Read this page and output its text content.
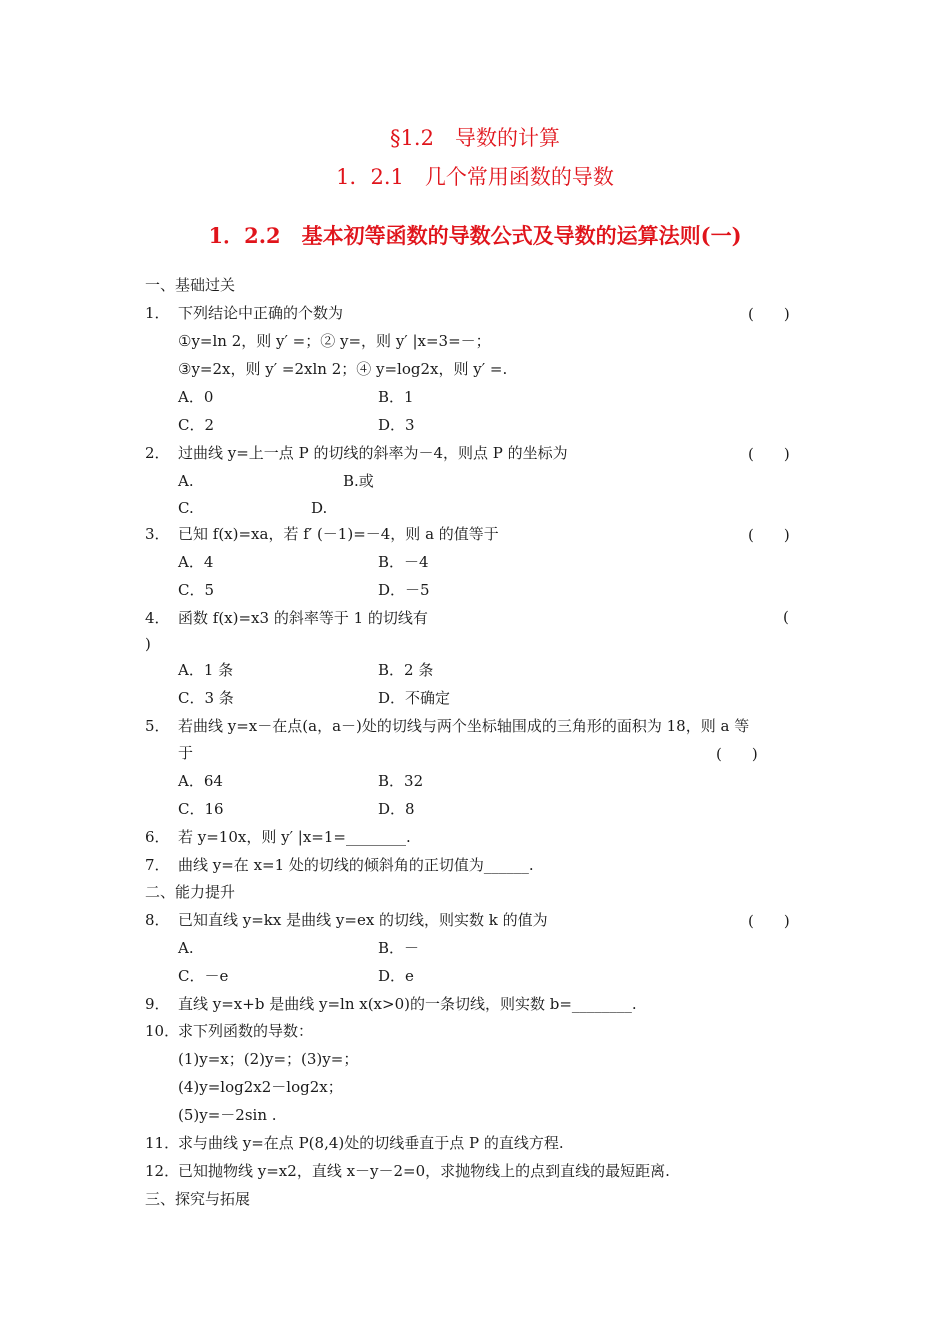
§1.2　导数的计算
1．2.1　几个常用函数的导数
1．2.2　基本初等函数的导数公式及导数的运算法则(一)
一、基础过关
1． 下列结论中正确的个数为	(　　)
①y=ln 2，则 y′ =；② y=，则 y′ |x=3=－；
③y=2x，则 y′ =2xln 2；④ y=log2x，则 y′ =.
A．0	B．1
C．2	D．3
2． 过曲线 y=上一点 P 的切线的斜率为－4，则点 P 的坐标为	(　　)
A.	B.或
C.	D.
3． 已知 f(x)=xa，若 f′ (－1)=－4，则 a 的值等于	(　　)
A．4	B．－4
C．5	D．－5
4． 函数 f(x)=x3 的斜率等于 1 的切线有	(
)
A．1 条	B．2 条
C．3 条	D．不确定
5． 若曲线 y=x－在点(a，a－)处的切线与两个坐标轴围成的三角形的面积为 18，则 a 等
于	(　　)
A．64	B．32
C．16	D．8
6． 若 y=10x，则 y′ |x=1=________.
7． 曲线 y=在 x=1 处的切线的倾斜角的正切值为______.
二、能力提升
8． 已知直线 y=kx 是曲线 y=ex 的切线，则实数 k 的值为	(　　)
A.	B．－
C．－e	D．e
9． 直线 y=x+b 是曲线 y=ln x(x>0)的一条切线，则实数 b=________.
10．
求下列函数的导数：
(1)y=x；(2)y=；(3)y=；
(4)y=log2x2－log2x；
(5)y=－2sin .
11．
求与曲线 y=在点 P(8,4)处的切线垂直于点 P 的直线方程.
12．
已知抛物线 y=x2，直线 x－y－2=0，求抛物线上的点到直线的最短距离.
三、探究与拓展
